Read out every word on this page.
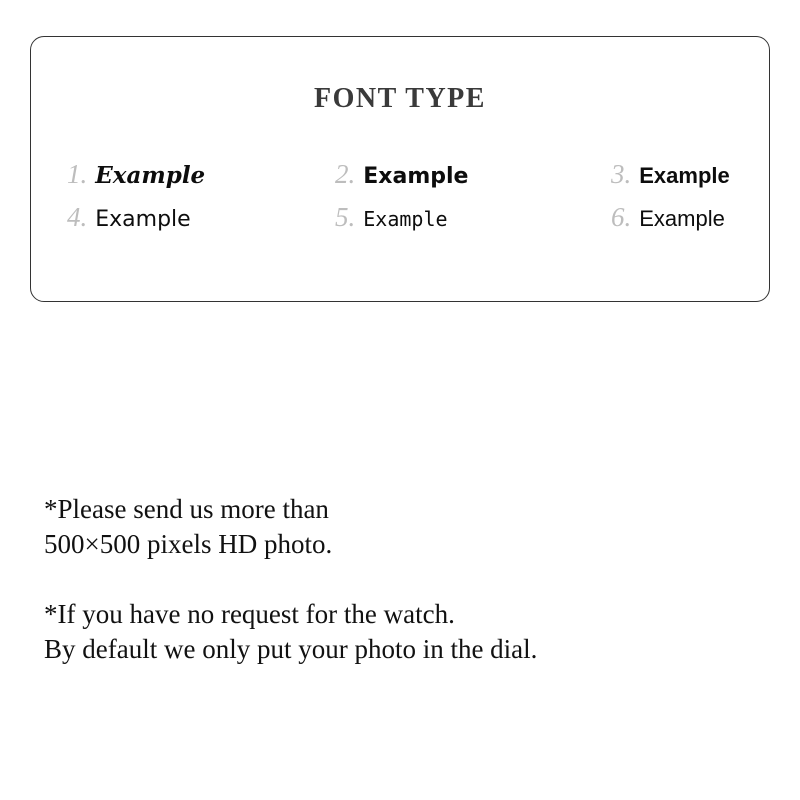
FONT TYPE
1. Example	2. Example	3. Example
4. Example	5. Example	6. Example
*Please send us more than
500×500 pixels HD photo.
*If you have no request for the watch.
By default we only put your photo in the dial.
